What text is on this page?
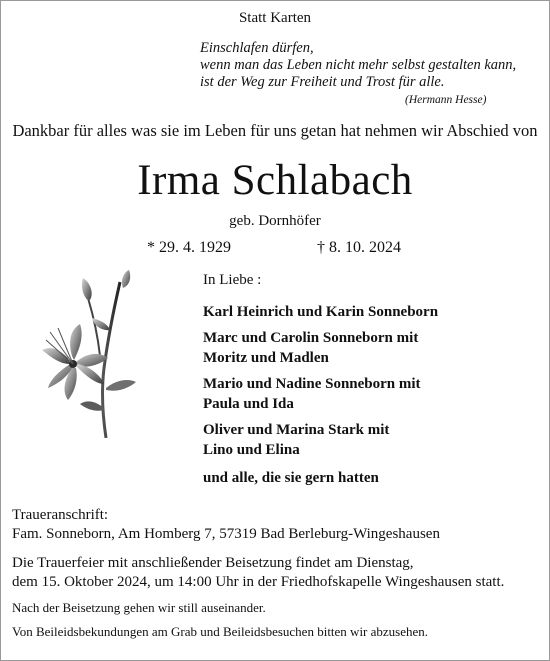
Statt Karten
Einschlafen dürfen,
wenn man das Leben nicht mehr selbst gestalten kann,
ist der Weg zur Freiheit und Trost für alle.
(Hermann Hesse)
Dankbar für alles was sie im Leben für uns getan hat nehmen wir Abschied von
Irma Schlabach
geb. Dornhöfer
* 29. 4. 1929	† 8. 10. 2024
In Liebe :
Karl Heinrich und Karin Sonneborn
Marc und Carolin Sonneborn mit
Moritz und Madlen
Mario und Nadine Sonneborn mit
Paula und Ida
Oliver und Marina Stark mit
Lino und Elina
und alle, die sie gern hatten
Traueranschrift:
Fam. Sonneborn, Am Homberg 7, 57319 Bad Berleburg-Wingeshausen
Die Trauerfeier mit anschließender Beisetzung findet am Dienstag,
dem 15. Oktober 2024, um 14:00 Uhr in der Friedhofskapelle Wingeshausen statt.
Nach der Beisetzung gehen wir still auseinander.
Von Beileidsbekundungen am Grab und Beileidsbesuchen bitten wir abzusehen.
